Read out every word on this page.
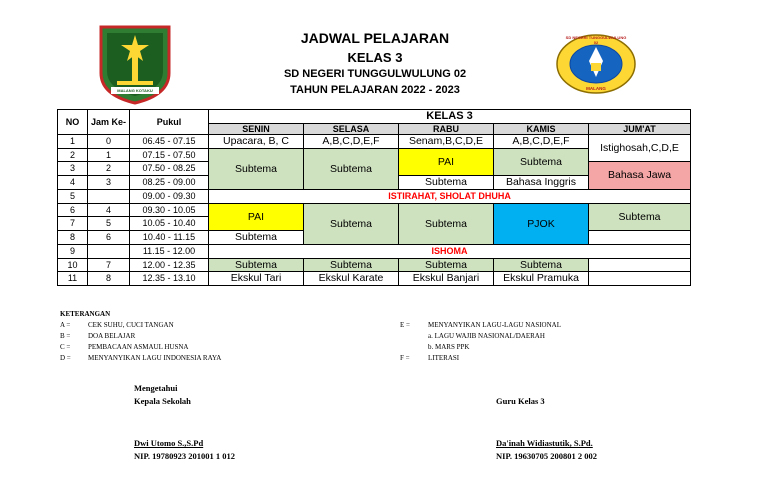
MALANG KOTAKU
SD NEGERI TUNGGULWULUNG 02
MALANG
JADWAL PELAJARAN
KELAS 3
SD NEGERI TUNGGULWULUNG 02
TAHUN PELAJARAN 2022 - 2023
NO	Jam Ke-	Pukul	KELAS 3				
			SENIN	SELASA	RABU	KAMIS	JUM'AT
1	0	06.45 - 07.15	Upacara, B, C	A,B,C,D,E,F	Senam,B,C,D,E	A,B,C,D,E,F	Istighosah,C,D,E
2	1	07.15 - 07.50	Subtema	Subtema	PAI	Subtema	
3	2	07.50 - 08.25					Bahasa Jawa
4	3	08.25 - 09.00			Subtema	Bahasa Inggris	
5		09.00 - 09.30	ISTIRAHAT, SHOLAT DHUHA				
6	4	09.30 - 10.05	PAI	Subtema	Subtema	PJOK	Subtema
7	5	10.05 - 10.40					
8	6	10.40 - 11.15	Subtema				
9		11.15 - 12.00	ISHOMA				
10	7	12.00 - 12.35	Subtema	Subtema	Subtema	Subtema	
11	8	12.35 - 13.10	Ekskul Tari	Ekskul Karate	Ekskul Banjari	Ekskul Pramuka	
KETERANGAN
A =	CEK SUHU, CUCI TANGAN
B =	DOA BELAJAR
C =	PEMBACAAN ASMAUL HUSNA
D = MENYANYIKAN LAGU INDONESIA RAYA
E =	MENYANYIKAN LAGU-LAGU NASIONAL
a. LAGU WAJIB NASIONAL/DAERAH
b. MARS PPK
F =	LITERASI
Mengetahui
Kepala Sekolah
Dwi Utomo S.,S.Pd
NIP. 19780923 201001 1 012
Guru Kelas 3
Da'inah Widiastutik, S.Pd.
NIP. 19630705 200801 2 002
